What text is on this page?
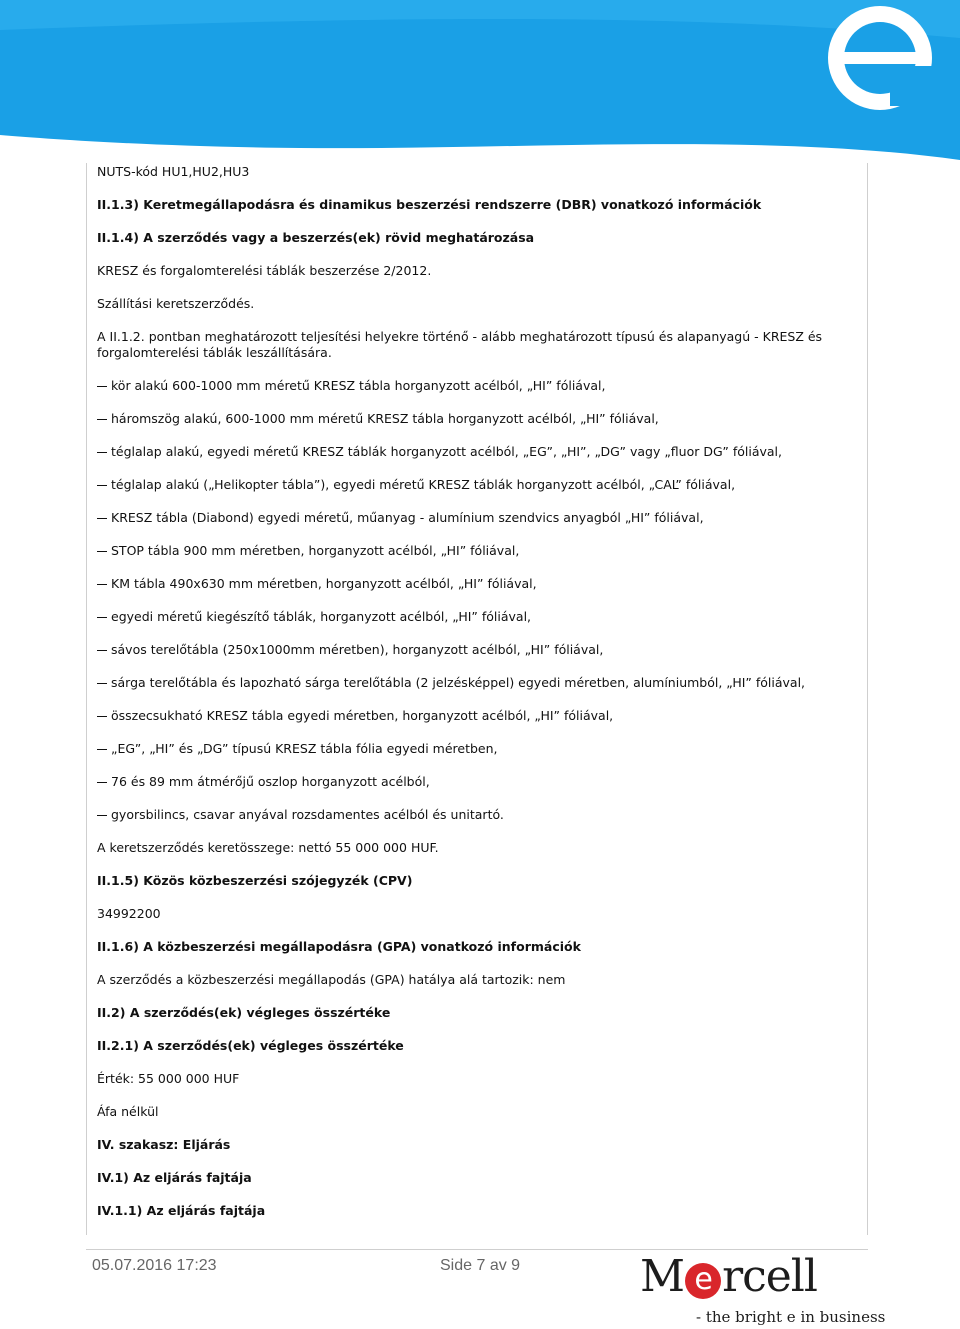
NUTS-kód HU1,HU2,HU3

II.1.3) Keretmegállapodásra és dinamikus beszerzési rendszerre (DBR) vonatkozó információk

II.1.4) A szerződés vagy a beszerzés(ek) rövid meghatározása

KRESZ és forgalomterelési táblák beszerzése 2/2012.

Szállítási keretszerződés.

A II.1.2. pontban meghatározott teljesítési helyekre történő - alább meghatározott típusú és alapanyagú - KRESZ és forgalomterelési táblák leszállítására.

kör alakú 600-1000 mm méretű KRESZ tábla horganyzott acélból, „HI” fóliával,
háromszög alakú, 600-1000 mm méretű KRESZ tábla horganyzott acélból, „HI” fóliával,
téglalap alakú, egyedi méretű KRESZ táblák horganyzott acélból, „EG”, „HI”, „DG” vagy „fluor DG” fóliával,
téglalap alakú („Helikopter tábla”), egyedi méretű KRESZ táblák horganyzott acélból, „CAL” fóliával,
KRESZ tábla (Diabond) egyedi méretű, műanyag - alumínium szendvics anyagból „HI” fóliával,
STOP tábla 900 mm méretben, horganyzott acélból, „HI” fóliával,
KM tábla 490x630 mm méretben, horganyzott acélból, „HI” fóliával,
egyedi méretű kiegészítő táblák, horganyzott acélból, „HI” fóliával,
sávos terelőtábla (250x1000mm méretben), horganyzott acélból, „HI” fóliával,
sárga terelőtábla és lapozható sárga terelőtábla (2 jelzésképpel) egyedi méretben, alumíniumból, „HI” fóliával,
összecsukható KRESZ tábla egyedi méretben, horganyzott acélból, „HI” fóliával,
„EG”, „HI” és „DG” típusú KRESZ tábla fólia egyedi méretben,
76 és 89 mm átmérőjű oszlop horganyzott acélból,
gyorsbilincs, csavar anyával rozsdamentes acélból és unitartó.

A keretszerződés keretösszege: nettó 55 000 000 HUF.

II.1.5) Közös közbeszerzési szójegyzék (CPV)

34992200

II.1.6) A közbeszerzési megállapodásra (GPA) vonatkozó információk

A szerződés a közbeszerzési megállapodás (GPA) hatálya alá tartozik: nem

II.2) A szerződés(ek) végleges összértéke

II.2.1) A szerződés(ek) végleges összértéke

Érték: 55 000 000 HUF

Áfa nélkül

IV. szakasz: Eljárás

IV.1) Az eljárás fajtája

IV.1.1) Az eljárás fajtája

05.07.2016 17:23	Side 7 av 9	M e rcell
- the bright e in business
